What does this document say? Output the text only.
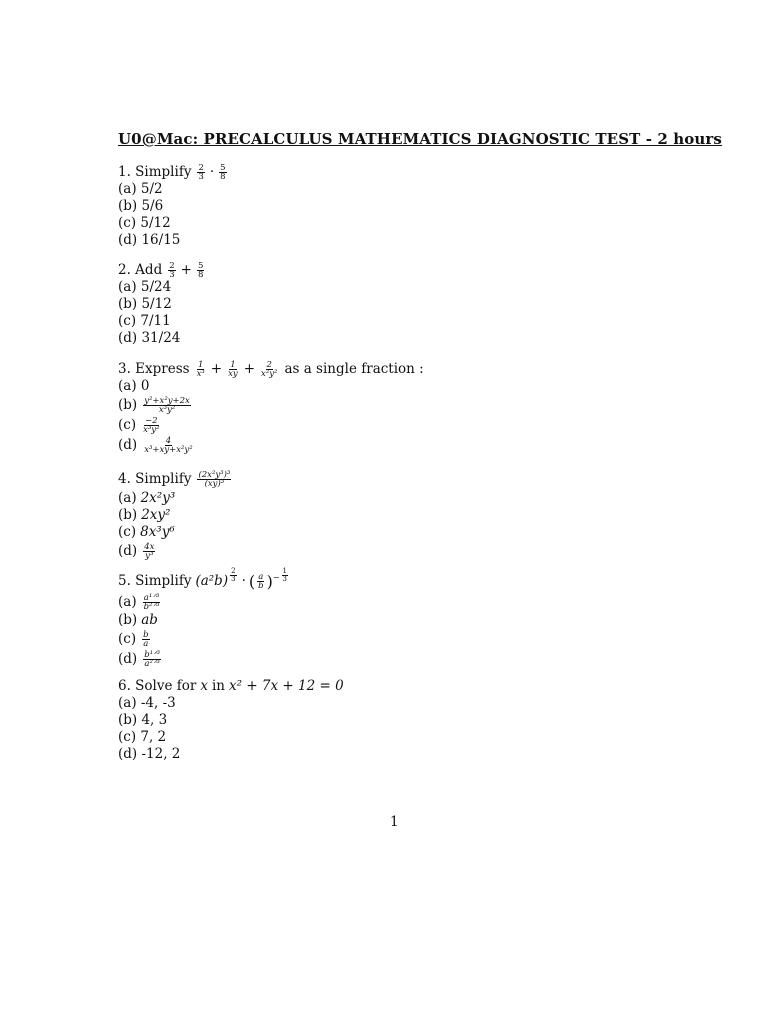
U0@Mac: PRECALCULUS MATHEMATICS DIAGNOSTIC TEST - 2 hours
1. Simplify $\frac{2}{3} \cdot \frac{5}{8}$
(a) 5/2
(b) 5/6
(c) 5/12
(d) 16/15
2. Add $\frac{2}{3} + \frac{5}{8}$
(a) 5/24
(b) 5/12
(c) 7/11
(d) 31/24
3. Express $\frac{1}{\text{x³}} + \frac{1}{xy} + \frac{2}{\text{x²y²}}$ as a single fraction :
(a) 0
$(b) \frac{\text{y²+x²y+2x}}{\text{x³y²}}$
$(c) \frac{-2}{\text{x³y²}}$
$(d) \frac{4}{\text{x³+xy+x²y²}}$
4. Simplify $\frac{\text{(2x²y³)³}}{\text{(xy)³}}$
(a) 2x²y³
(b) 2xy²
(c) 8x³y⁶
$(d) \frac{4x}{\text{y³}}$
5. Simplify $(a^2b) \frac{2}{3}$ · ( $\frac{a}{b}$ ) − $\frac{1}{3}$
$(a) \frac{\text{a¹ᐟ³}}{\text{b²ᐟ³}}$
(b) ab
$(c) \frac{b}{a}$
$(d) \frac{\text{b¹ᐟ³}}{\text{a²ᐟ³}}$
6. Solve for x in x² + 7x + 12 = 0
(a) -4, -3
(b) 4, 3
(c) 7, 2
(d) -12, 2
1
